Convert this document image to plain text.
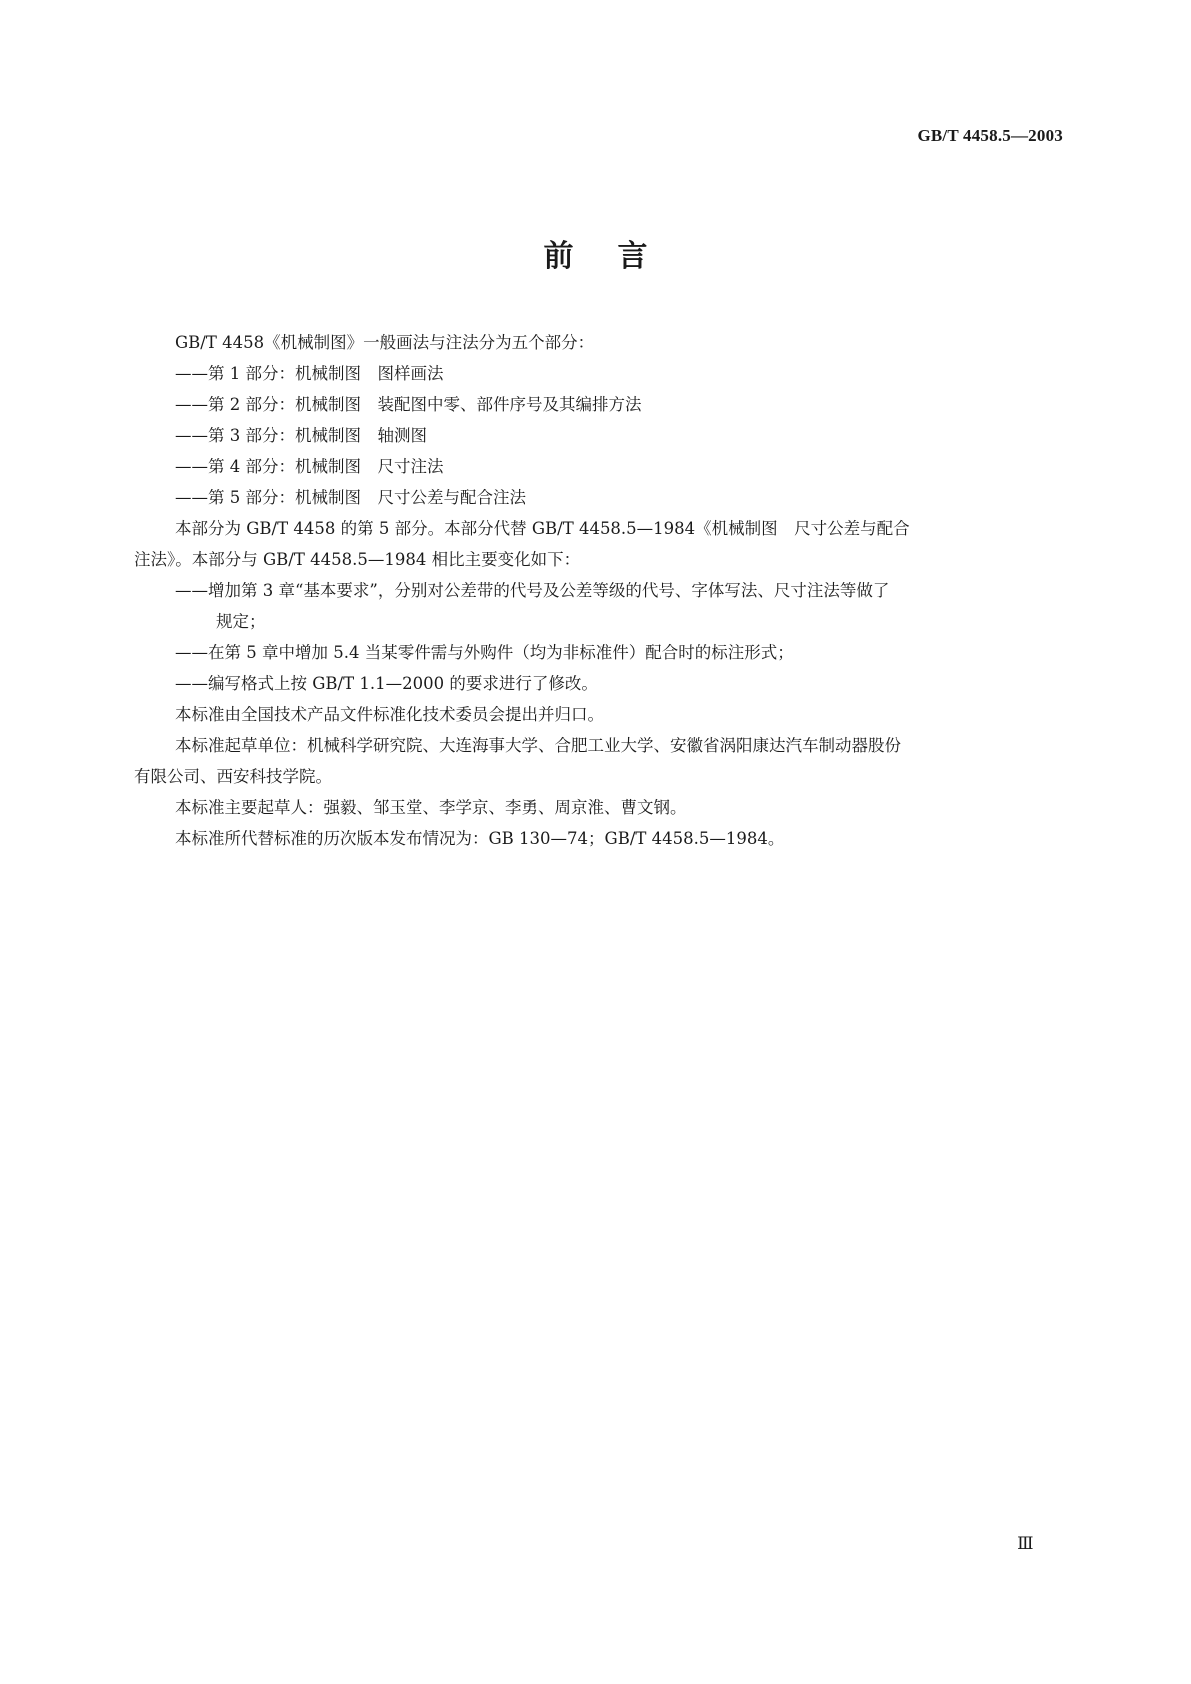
GB/T 4458.5—2003
前言

GB/T 4458《机械制图》一般画法与注法分为五个部分：

——第 1 部分：机械制图　图样画法

——第 2 部分：机械制图　装配图中零、部件序号及其编排方法

——第 3 部分：机械制图　轴测图

——第 4 部分：机械制图　尺寸注法

——第 5 部分：机械制图　尺寸公差与配合注法

本部分为 GB/T 4458 的第 5 部分。本部分代替 GB/T 4458.5—1984《机械制图　尺寸公差与配合

注法》。本部分与 GB/T 4458.5—1984 相比主要变化如下：

——增加第 3 章“基本要求”，分别对公差带的代号及公差等级的代号、字体写法、尺寸注法等做了

规定；

——在第 5 章中增加 5.4 当某零件需与外购件（均为非标准件）配合时的标注形式；

——编写格式上按 GB/T 1.1—2000 的要求进行了修改。

本标准由全国技术产品文件标准化技术委员会提出并归口。

本标准起草单位：机械科学研究院、大连海事大学、合肥工业大学、安徽省涡阳康达汽车制动器股份

有限公司、西安科技学院。

本标准主要起草人：强毅、邹玉堂、李学京、李勇、周京淮、曹文钢。

本标准所代替标准的历次版本发布情况为：GB 130—74；GB/T 4458.5—1984。

Ⅲ
